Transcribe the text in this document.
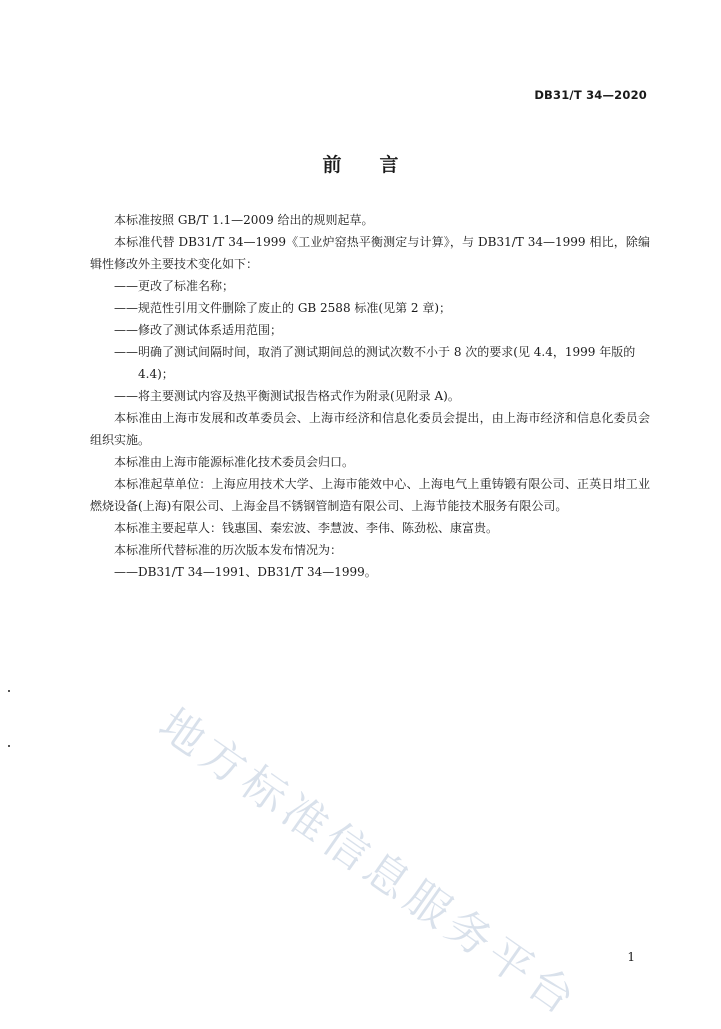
DB31/T 34—2020
前言

本标准按照 GB/T 1.1—2009 给出的规则起草。

本标准代替 DB31/T 34—1999《工业炉窑热平衡测定与计算》，与 DB31/T 34—1999 相比，除编辑性修改外主要技术变化如下：

——更改了标准名称；

——规范性引用文件删除了废止的 GB 2588 标准(见第 2 章)；

——修改了测试体系适用范围；

——明确了测试间隔时间，取消了测试期间总的测试次数不小于 8 次的要求(见 4.4，1999 年版的

4.4)；

——将主要测试内容及热平衡测试报告格式作为附录(见附录 A)。

本标准由上海市发展和改革委员会、上海市经济和信息化委员会提出，由上海市经济和信息化委员会组织实施。

本标准由上海市能源标准化技术委员会归口。

本标准起草单位：上海应用技术大学、上海市能效中心、上海电气上重铸锻有限公司、正英日坩工业燃烧设备(上海)有限公司、上海金昌不锈钢管制造有限公司、上海节能技术服务有限公司。

本标准主要起草人：钱惠国、秦宏波、李慧波、李伟、陈劲松、康富贵。

本标准所代替标准的历次版本发布情况为：

——DB31/T 34—1991、DB31/T 34—1999。

地方标准信息服务平台	1
